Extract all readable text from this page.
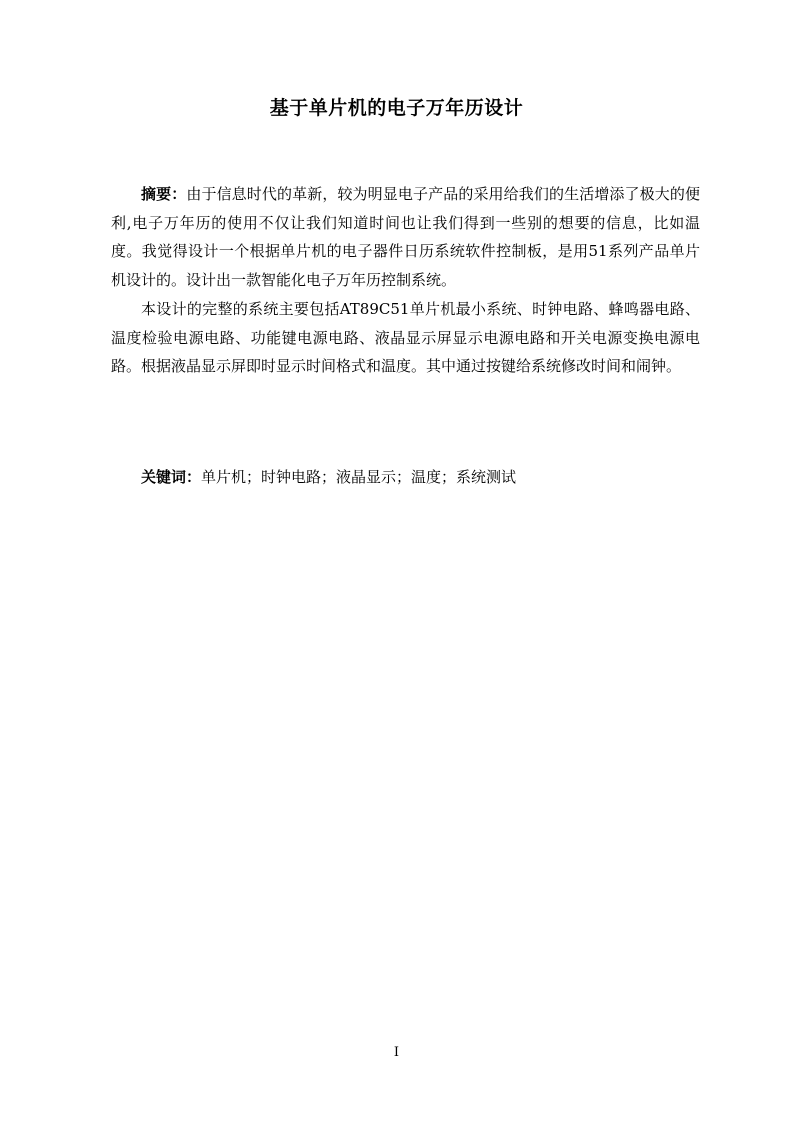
基于单片机的电子万年历设计

摘要：由于信息时代的革新，较为明显电子产品的采用给我们的生活增添了极大的便利,电子万年历的使用不仅让我们知道时间也让我们得到一些别的想要的信息，比如温度。我觉得设计一个根据单片机的电子器件日历系统软件控制板，是用51系列产品单片机设计的。设计出一款智能化电子万年历控制系统。

本设计的完整的系统主要包括AT89C51单片机最小系统、时钟电路、蜂鸣器电路、温度检验电源电路、功能键电源电路、液晶显示屏显示电源电路和开关电源变换电源电路。根据液晶显示屏即时显示时间格式和温度。其中通过按键给系统修改时间和闹钟。

关键词：单片机；时钟电路；液晶显示；温度；系统测试
I
